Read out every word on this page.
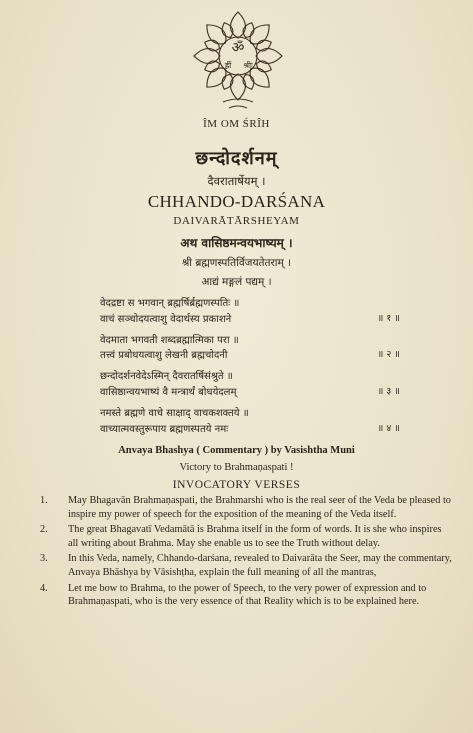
ॐ
ह्रीं श्रीः
ÎM OM ŚRÎH
छन्दोदर्शनम्
दैवरातार्षेयम् ।
CHHANDO-DARŚANA
DAIVARĀTĀRSHEYAM
अथ वासिष्ठमन्वयभाष्यम् ।
श्री ब्रह्मणस्पतिर्विजयतेतराम् ।
आद्यं मङ्गलं पद्यम् ।
वेदद्रष्टा स भगवान् ब्रह्मर्षिर्ब्रह्मणस्पतिः ॥
वाचं सञ्चोदयत्वाशु वेदार्थस्य प्रकाशने	॥ १ ॥
वेदमाता भगवती शब्दब्रह्मात्मिका परा ॥
तत्त्वं प्रबोधयत्वाशु लेखनी ब्रह्मचोदनी	॥ २ ॥
छन्दोदर्शनवेदेऽस्मिन् दैवरातर्षिसंश्रुते ॥
वासिष्ठान्वयभाष्यं वै मन्त्रार्थं बोधयेदलम्	॥ ३ ॥
नमस्ते ब्रह्मणे वाचे साक्षाद् वाचकशक्तये ॥
वाच्यात्मवस्तुरूपाय ब्रह्मणस्पतये नमः	॥ ४ ॥
Anvaya Bhashya ( Commentary ) by Vasishtha Muni
Victory to Brahmaṇaspati !
INVOCATORY VERSES
1. May Bhagavān Brahmaṇaspati, the Brahmarshi who is the real seer of the Veda be pleased to inspire my power of speech for the exposition of the meaning of the Veda itself.
2. The great Bhagavatī Vedamātā is Brahma itself in the form of words. It is she who inspires all writing about Brahma. May she enable us to see the Truth without delay.
3. In this Veda, namely, Chhando-darśana, revealed to Daivarāta the Seer, may the commentary, Anvaya Bhāshya by Vāsishṭha, explain the full meaning of all the mantras,
4. Let me bow to Brahma, to the power of Speech, to the very power of expression and to Brahmaṇaspati, who is the very essence of that Reality which is to be explained here.
